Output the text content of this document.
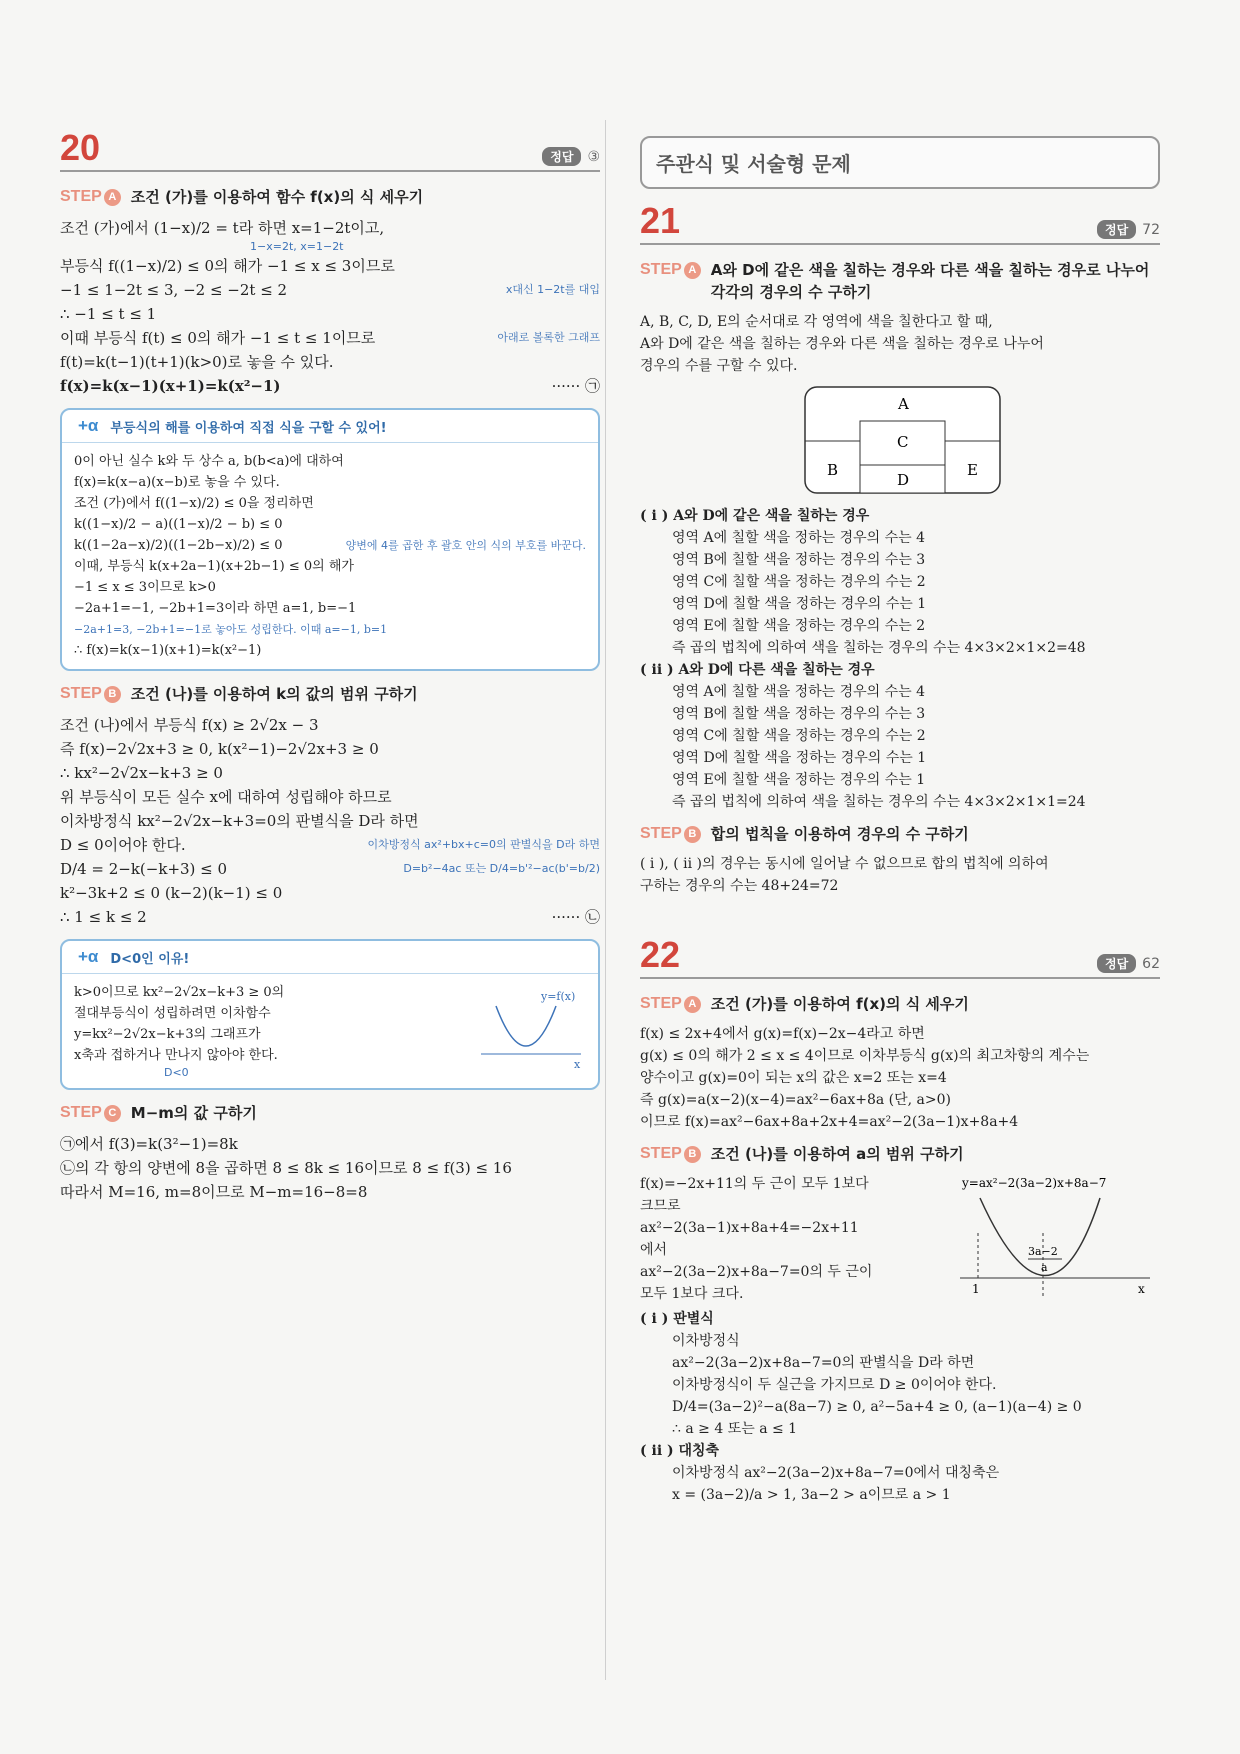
20	정답	③
STEP A 조건 (가)를 이용하여 함수 f(x)의 식 세우기
조건 (가)에서 (1−x)/2 = t라 하면 x=1−2t이고,
1−x=2t, x=1−2t
부등식 f((1−x)/2) ≤ 0의 해가 −1 ≤ x ≤ 3이므로
−1 ≤ 1−2t ≤ 3, −2 ≤ −2t ≤ 2	x대신 1−2t를 대입
∴ −1 ≤ t ≤ 1
이때 부등식 f(t) ≤ 0의 해가 −1 ≤ t ≤ 1이므로	아래로 볼록한 그래프
f(t)=k(t−1)(t+1)(k>0)로 놓을 수 있다.
f(x)=k(x−1)(x+1)=k(x²−1)	······ ㉠
+α 부등식의 해를 이용하여 직접 식을 구할 수 있어!
0이 아닌 실수 k와 두 상수 a, b(b<a)에 대하여
f(x)=k(x−a)(x−b)로 놓을 수 있다.
조건 (가)에서 f((1−x)/2) ≤ 0을 정리하면
k((1−x)/2 − a)((1−x)/2 − b) ≤ 0
k((1−2a−x)/2)((1−2b−x)/2) ≤ 0	양변에 4를 곱한 후 괄호 안의 식의 부호를 바꾼다.
이때, 부등식 k(x+2a−1)(x+2b−1) ≤ 0의 해가
−1 ≤ x ≤ 3이므로 k>0
−2a+1=−1, −2b+1=3이라 하면 a=1, b=−1
−2a+1=3, −2b+1=−1로 놓아도 성립한다. 이때 a=−1, b=1
∴ f(x)=k(x−1)(x+1)=k(x²−1)
STEP B 조건 (나)를 이용하여 k의 값의 범위 구하기
조건 (나)에서 부등식 f(x) ≥ 2√2x − 3
즉 f(x)−2√2x+3 ≥ 0, k(x²−1)−2√2x+3 ≥ 0
∴ kx²−2√2x−k+3 ≥ 0
위 부등식이 모든 실수 x에 대하여 성립해야 하므로
이차방정식 kx²−2√2x−k+3=0의 판별식을 D라 하면
D ≤ 0이어야 한다.	이차방정식 ax²+bx+c=0의 판별식을 D라 하면
D/4 = 2−k(−k+3) ≤ 0	D=b²−4ac 또는 D/4=b'²−ac(b'=b/2)
k²−3k+2 ≤ 0 (k−2)(k−1) ≤ 0
∴ 1 ≤ k ≤ 2	······ ㉡
+α D<0인 이유!
k>0이므로 kx²−2√2x−k+3 ≥ 0의
절대부등식이 성립하려면 이차함수
y=kx²−2√2x−k+3의 그래프가
x축과 접하거나 만나지 않아야 한다.
D<0
y=f(x)
x
STEP C M−m의 값 구하기
㉠에서 f(3)=k(3²−1)=8k
㉡의 각 항의 양변에 8을 곱하면 8 ≤ 8k ≤ 16이므로 8 ≤ f(3) ≤ 16
따라서 M=16, m=8이므로 M−m=16−8=8
주관식 및 서술형 문제
21	정답	72
STEP A A와 D에 같은 색을 칠하는 경우와 다른 색을 칠하는 경우로 나누어 각각의 경우의 수 구하기
A, B, C, D, E의 순서대로 각 영역에 색을 칠한다고 할 때,
A와 D에 같은 색을 칠하는 경우와 다른 색을 칠하는 경우로 나누어
경우의 수를 구할 수 있다.
A
B
C
D
E
( i ) A와 D에 같은 색을 칠하는 경우
영역 A에 칠할 색을 정하는 경우의 수는 4
영역 B에 칠할 색을 정하는 경우의 수는 3
영역 C에 칠할 색을 정하는 경우의 수는 2
영역 D에 칠할 색을 정하는 경우의 수는 1
영역 E에 칠할 색을 정하는 경우의 수는 2
즉 곱의 법칙에 의하여 색을 칠하는 경우의 수는 4×3×2×1×2=48
( ii ) A와 D에 다른 색을 칠하는 경우
영역 A에 칠할 색을 정하는 경우의 수는 4
영역 B에 칠할 색을 정하는 경우의 수는 3
영역 C에 칠할 색을 정하는 경우의 수는 2
영역 D에 칠할 색을 정하는 경우의 수는 1
영역 E에 칠할 색을 정하는 경우의 수는 1
즉 곱의 법칙에 의하여 색을 칠하는 경우의 수는 4×3×2×1×1=24
STEP B 합의 법칙을 이용하여 경우의 수 구하기
( i ), ( ii )의 경우는 동시에 일어날 수 없으므로 합의 법칙에 의하여
구하는 경우의 수는 48+24=72
22	정답	62
STEP A 조건 (가)를 이용하여 f(x)의 식 세우기
f(x) ≤ 2x+4에서 g(x)=f(x)−2x−4라고 하면
g(x) ≤ 0의 해가 2 ≤ x ≤ 4이므로 이차부등식 g(x)의 최고차항의 계수는
양수이고 g(x)=0이 되는 x의 값은 x=2 또는 x=4
즉 g(x)=a(x−2)(x−4)=ax²−6ax+8a (단, a>0)
이므로 f(x)=ax²−6ax+8a+2x+4=ax²−2(3a−1)x+8a+4
STEP B 조건 (나)를 이용하여 a의 범위 구하기
f(x)=−2x+11의 두 근이 모두 1보다
크므로
ax²−2(3a−1)x+8a+4=−2x+11
에서
ax²−2(3a−2)x+8a−7=0의 두 근이
모두 1보다 크다.
y=ax²−2(3a−2)x+8a−7
1
3a−2
a
x
( i ) 판별식
이차방정식
ax²−2(3a−2)x+8a−7=0의 판별식을 D라 하면
이차방정식이 두 실근을 가지므로 D ≥ 0이어야 한다.
D/4=(3a−2)²−a(8a−7) ≥ 0, a²−5a+4 ≥ 0, (a−1)(a−4) ≥ 0
∴ a ≥ 4 또는 a ≤ 1
( ii ) 대칭축
이차방정식 ax²−2(3a−2)x+8a−7=0에서 대칭축은
x = (3a−2)/a > 1, 3a−2 > a이므로 a > 1
